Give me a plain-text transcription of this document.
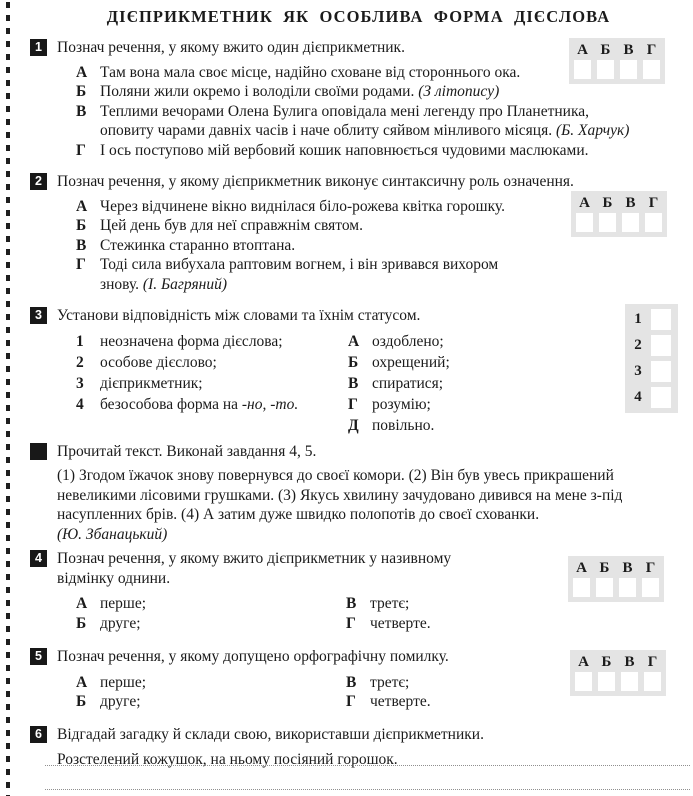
ДІЄПРИКМЕТНИК ЯК ОСОБЛИВА ФОРМА ДІЄСЛОВА
1 Познач речення, у якому вжито один дієприкметник.
А Там вона мала своє місце, надійно сховане від стороннього ока.
Б Поляни жили окремо і володіли своїми родами. (З літопису)
В Теплими вечорами Олена Булига оповідала мені легенду про Планетника, оповиту чарами давніх часів і наче облиту сяйвом мінливого місяця. (Б. Харчук)
Г І ось поступово мій вербовий кошик наповнюється чудовими маслюками.
А Б В Г
2 Познач речення, у якому дієприкметник виконує синтаксичну роль означення.
А Через відчинене вікно виднілася біло-рожева квітка горошку.
Б Цей день був для неї справжнім святом.
В Стежинка старанно втоптана.
Г Тоді сила вибухала раптовим вогнем, і він зривався вихором знову. (І. Багряний)
А Б В Г
3 Установи відповідність між словами та їхнім статусом.
1	неозначена форма дієслова;
2	особове дієслово;
3	дієприкметник;
4	безособова форма на -но, -то.
А оздоблено;
Б охрещений;
В спиратися;
Г розумію;
Д повільно.
1
2
3
4
Прочитай текст. Виконай завдання 4, 5.
(1) Згодом їжачок знову повернувся до своєї комори. (2) Він був увесь прикрашений невеликими лісовими грушками. (3) Якусь хвилину зачудовано дивився на мене з-під насупленних брів. (4) А затим дуже швидко полопотів до своєї схованки.
(Ю. Збанацький)
4 Познач речення, у якому вжито дієприкметник у називному відмінку однини.
А перше;
Б друге;
В третє;
Г четверте.
А Б В Г
5 Познач речення, у якому допущено орфографічну помилку.
А перше;
Б друге;
В третє;
Г четверте.
А Б В Г
6 Відгадай загадку й склади свою, використавши дієприкметники.
Розстелений кожушок, на ньому посіяний горошок.
